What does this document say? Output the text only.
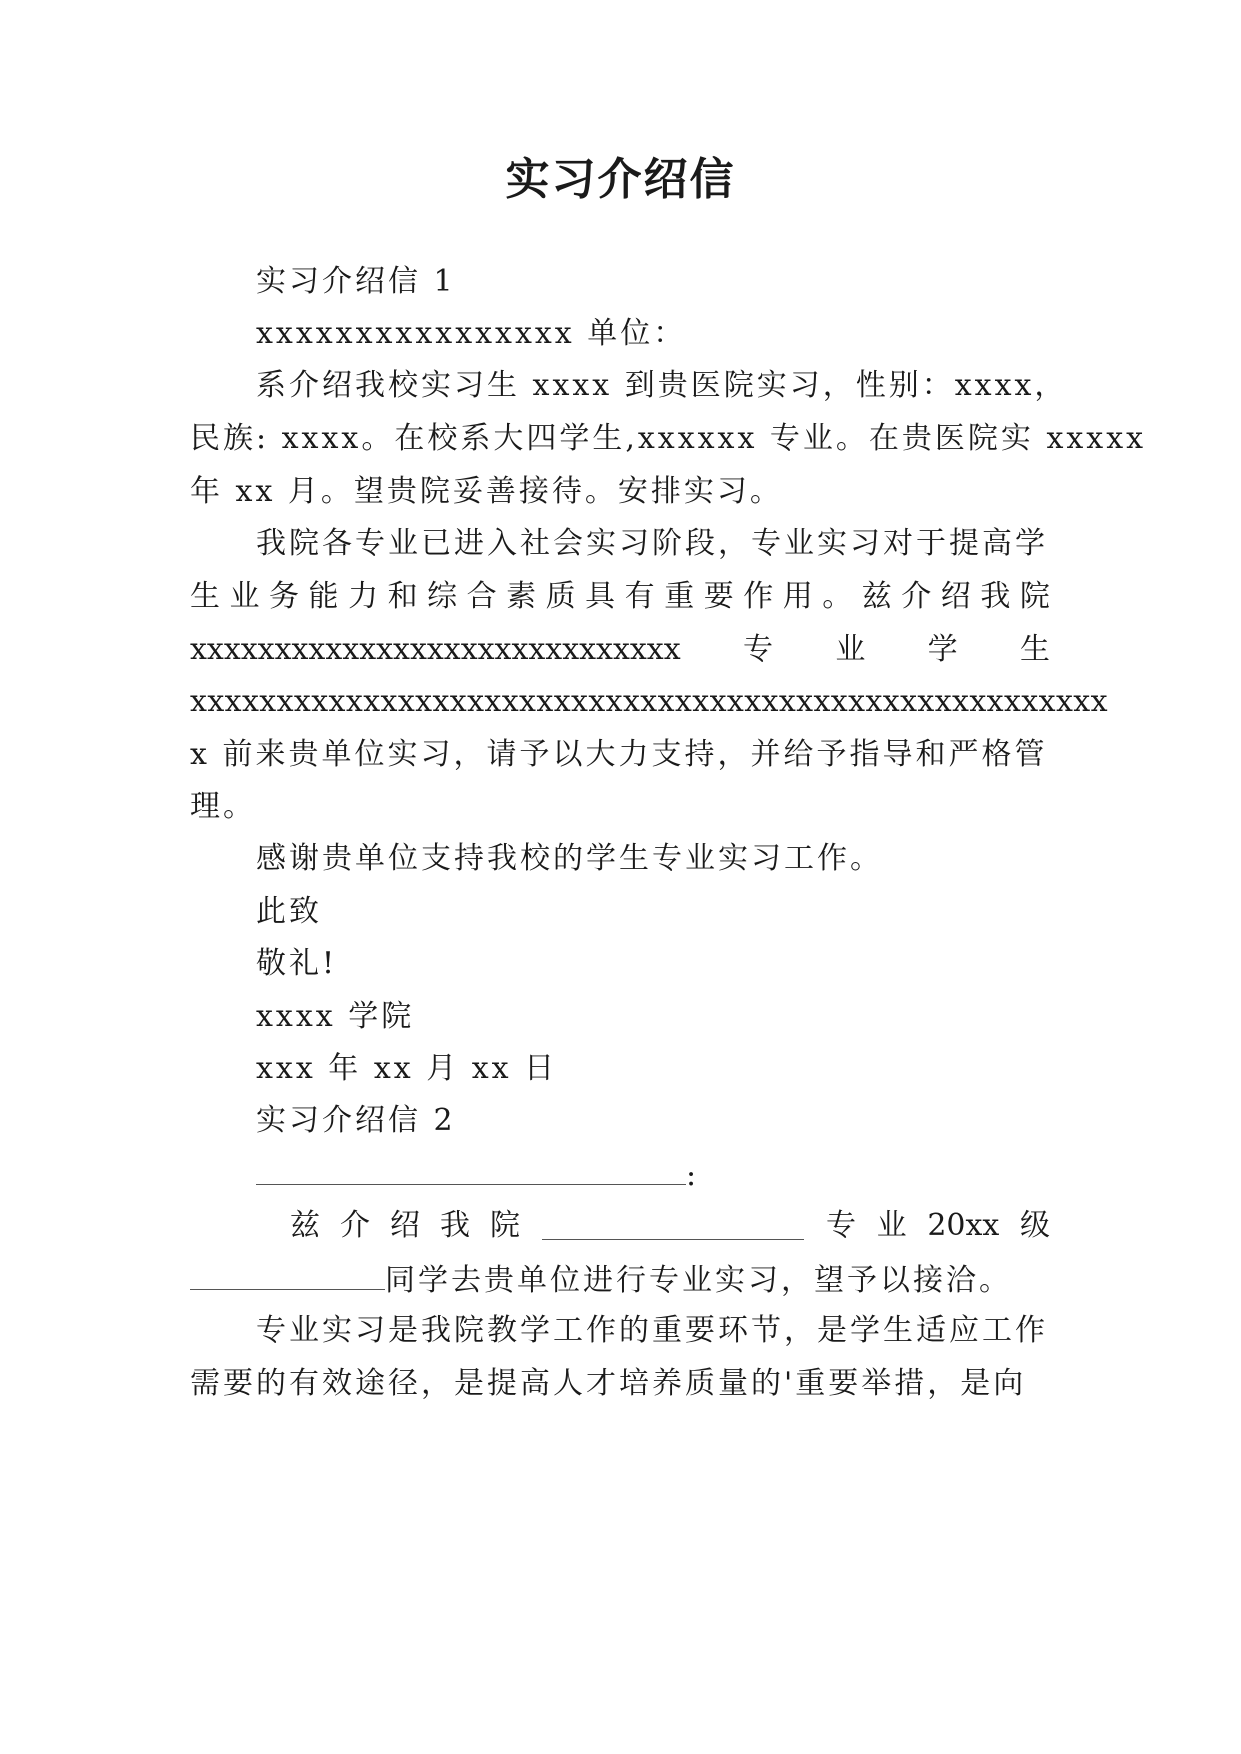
实习介绍信
实习介绍信 1
xxxxxxxxxxxxxxxx 单位：
系介绍我校实习生 xxxx 到贵医院实习，性别：xxxx，
民族: xxxx。在校系大四学生,xxxxxx 专业。在贵医院实 xxxxx
年 xx 月。望贵院妥善接待。安排实习。
我院各专业已进入社会实习阶段，专业实习对于提高学
生 业 务 能 力 和 综 合 素 质 具 有 重 要 作 用 。 兹 介 绍 我 院
xxxxxxxxxxxxxxxxxxxxxxxxxxxxx 专 业 学 生
xxxxxxxxxxxxxxxxxxxxxxxxxxxxxxxxxxxxxxxxxxxxxxxxxxxxx
x 前来贵单位实习，请予以大力支持，并给予指导和严格管
理。
感谢贵单位支持我校的学生专业实习工作。
此致
敬礼!
xxxx 学院
xxx 年 xx 月 xx 日
实习介绍信 2
:
兹 介 绍 我 院	专 业 20xx 级
同学去贵单位进行专业实习，望予以接洽。
专业实习是我院教学工作的重要环节，是学生适应工作
需要的有效途径，是提高人才培养质量的'重要举措，是向
